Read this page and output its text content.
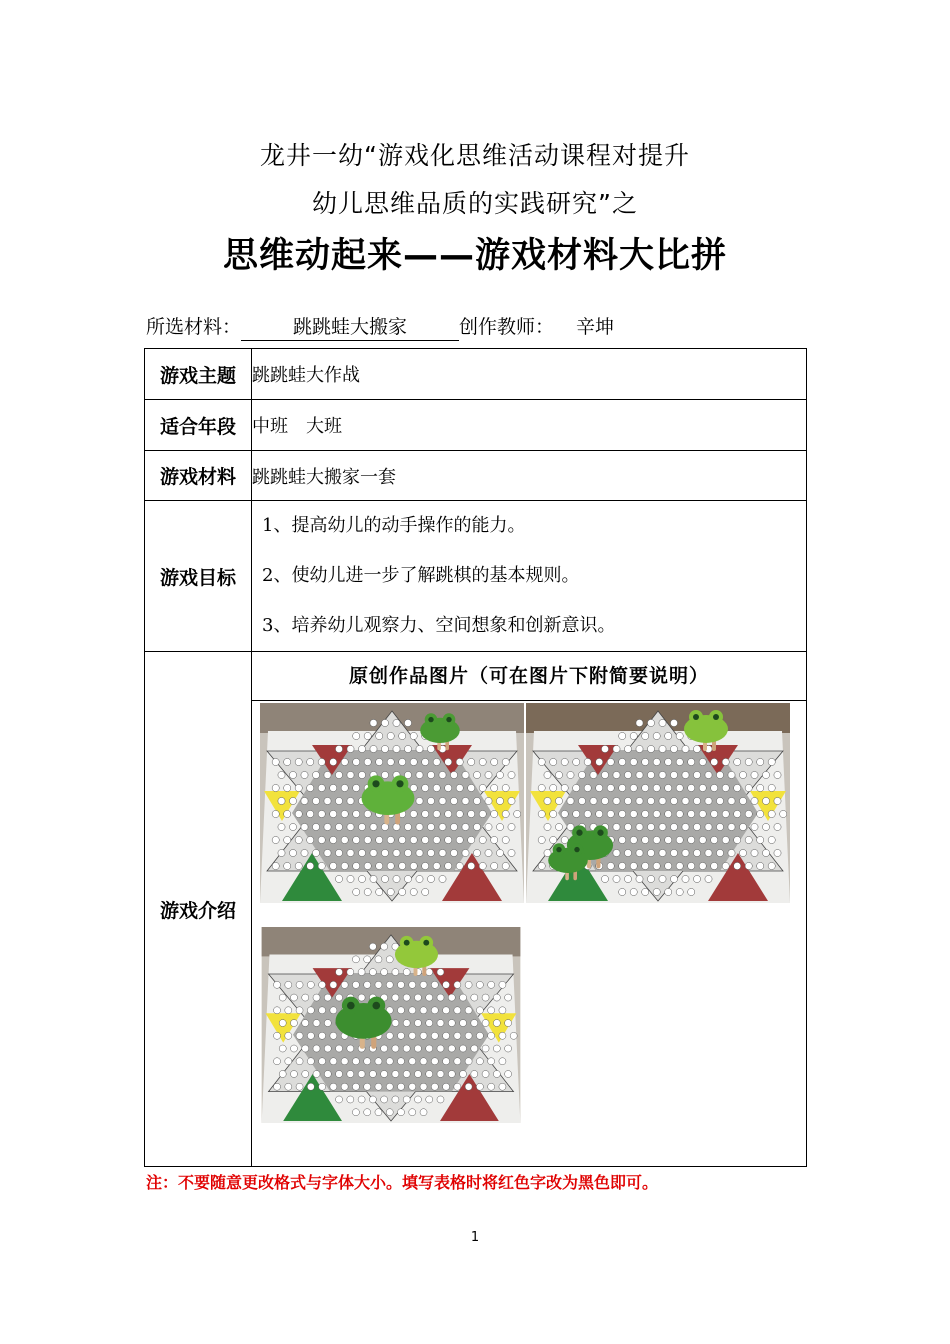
龙井一幼“游戏化思维活动课程对提升
幼儿思维品质的实践研究”之
思维动起来——游戏材料大比拼
所选材料：	跳跳蛙大搬家	创作教师： 辛坤
游戏主题	跳跳蛙大作战
适合年段	中班　大班
游戏材料	跳跳蛙大搬家一套
游戏目标	1、提高幼儿的动手操作的能力。
2、使幼儿进一步了解跳棋的基本规则。
3、培养幼儿观察力、空间想象和创新意识。

游戏介绍	原创作品图片（可在图片下附简要说明）
注：不要随意更改格式与字体大小。填写表格时将红色字改为黑色即可。
1
